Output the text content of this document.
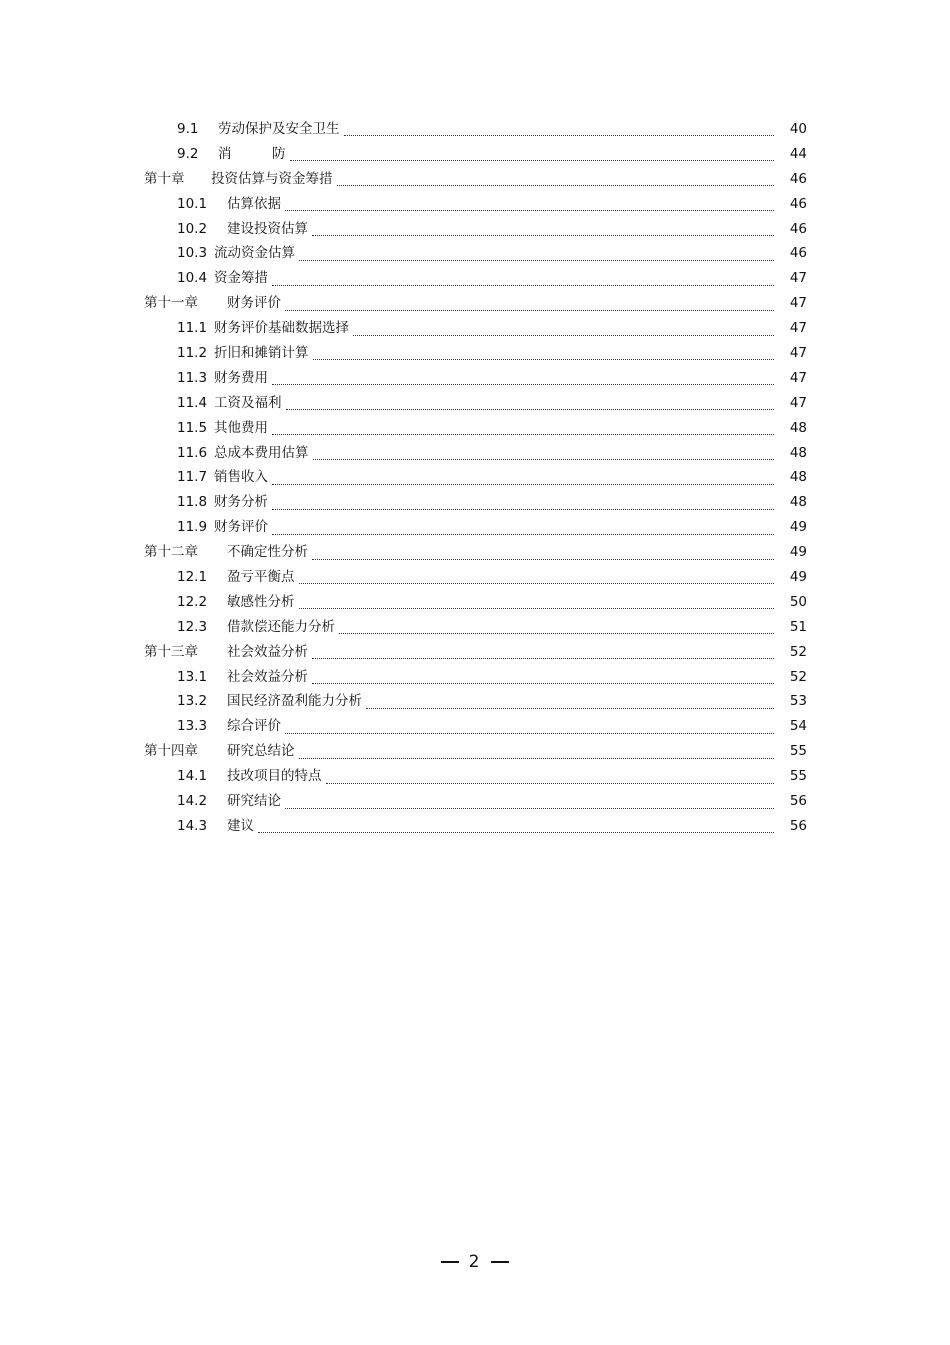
9.1 劳动保护及安全卫生	40
9.2 消　　　防	44
第十章 投资估算与资金筹措	46
10.1 估算依据	46
10.2 建设投资估算	46
10.3 流动资金估算	46
10.4 资金筹措	47
第十一章 财务评价	47
11.1 财务评价基础数据选择	47
11.2 折旧和摊销计算	47
11.3 财务费用	47
11.4 工资及福利	47
11.5 其他费用	48
11.6 总成本费用估算	48
11.7 销售收入	48
11.8 财务分析	48
11.9 财务评价	49
第十二章 不确定性分析	49
12.1 盈亏平衡点	49
12.2 敏感性分析	50
12.3 借款偿还能力分析	51
第十三章 社会效益分析	52
13.1 社会效益分析	52
13.2 国民经济盈利能力分析	53
13.3 综合评价	54
第十四章 研究总结论	55
14.1 技改项目的特点	55
14.2 研究结论	56
14.3 建议	56
2
